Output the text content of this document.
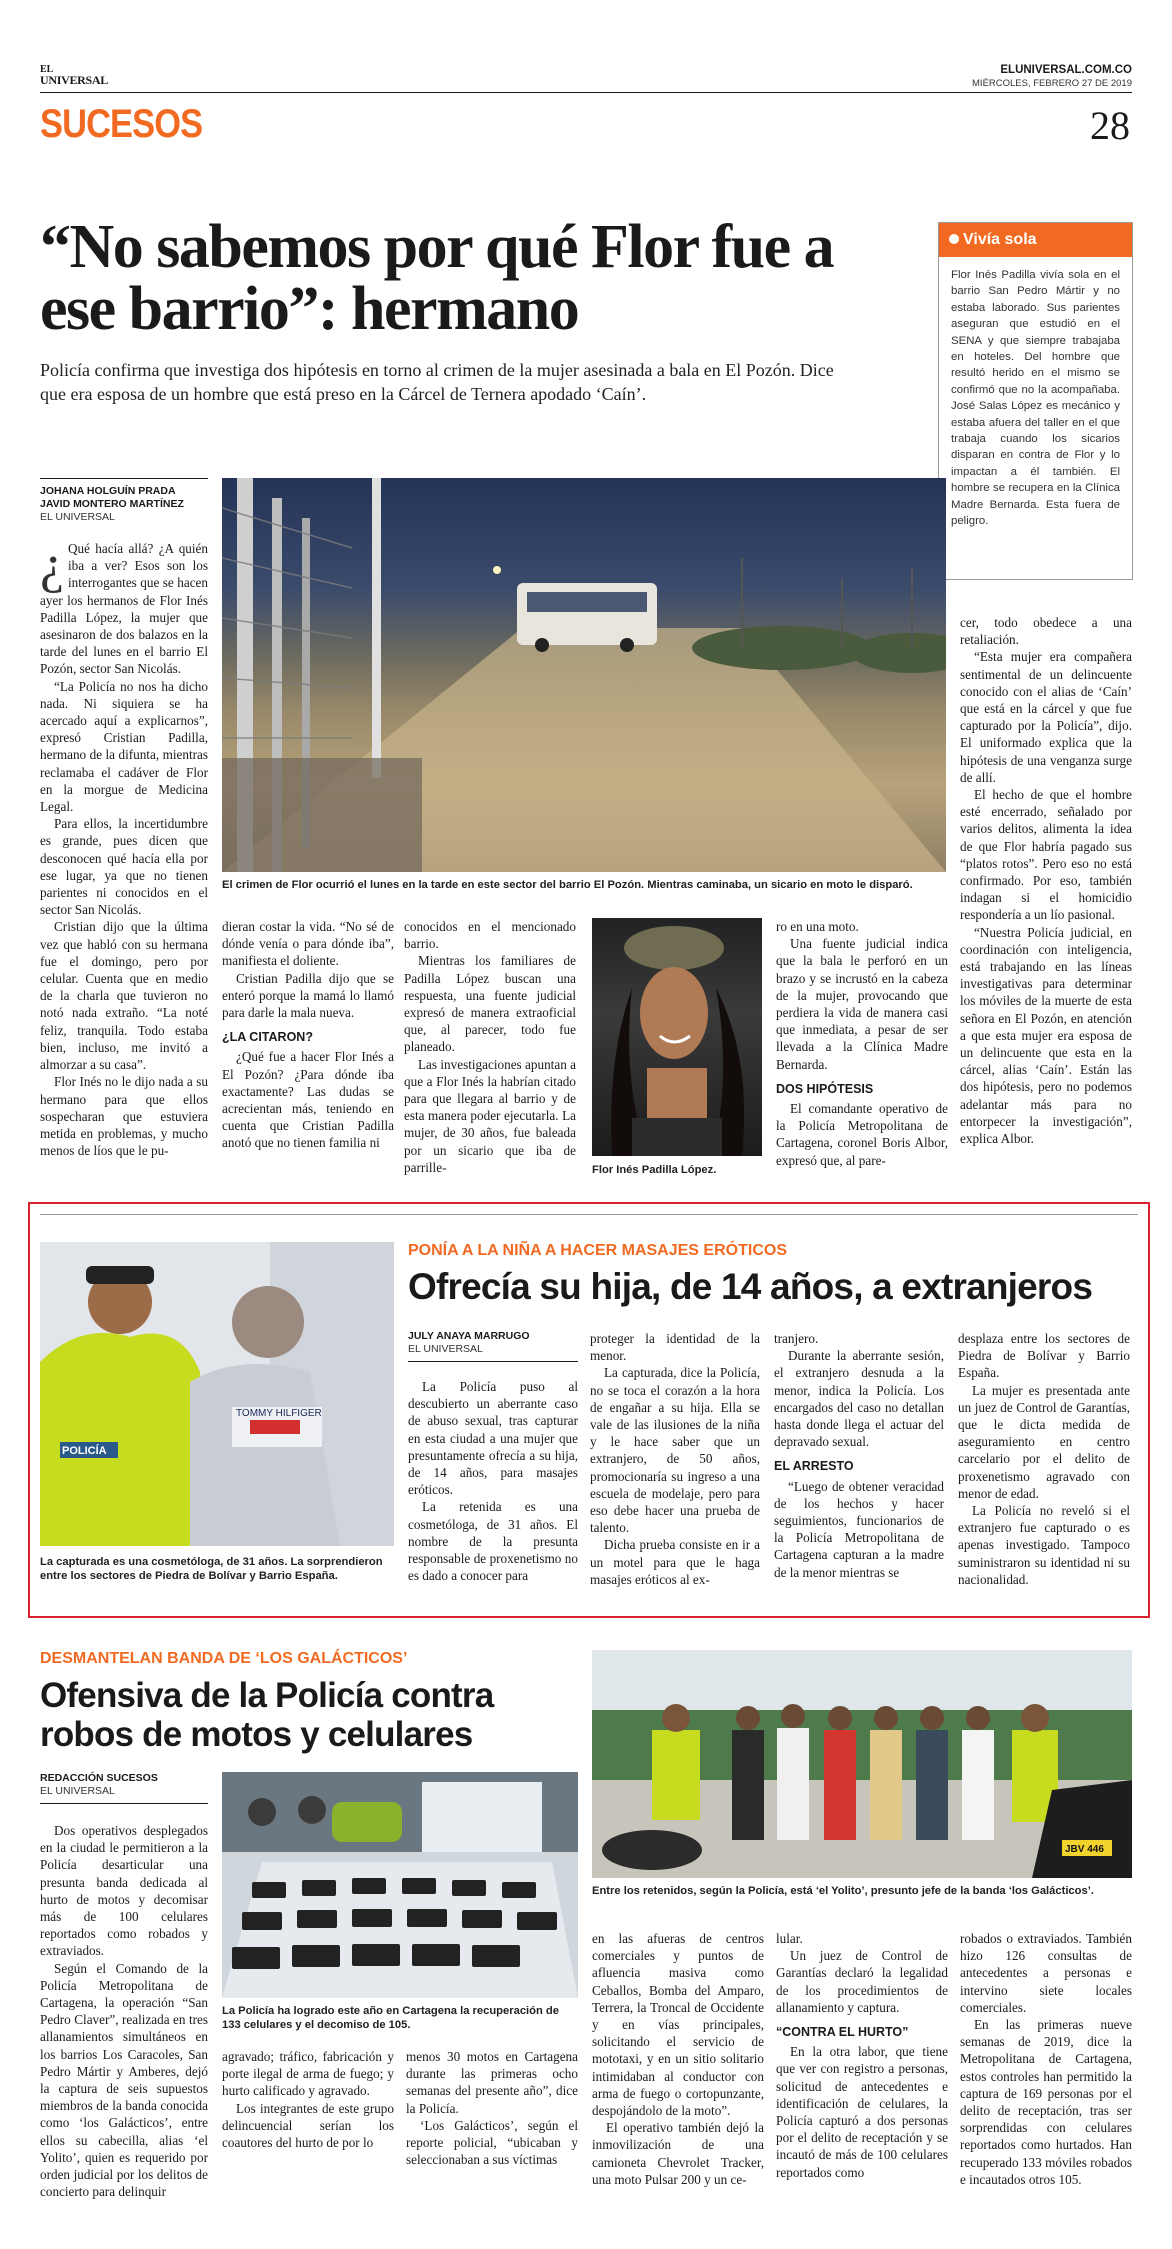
EL
UNIVERSAL
ELUNIVERSAL.COM.CO
MIÉRCOLES, FEBRERO 27 DE 2019
SUCESOS	28
“No sabemos por qué Flor fue a ese barrio”: hermano
Policía confirma que investiga dos hipótesis en torno al crimen de la mujer asesinada a bala en El Pozón. Dice que era esposa de un hombre que está preso en la Cárcel de Ternera apodado ‘Caín’.
Vivía sola
Flor Inés Padilla vivía sola en el barrio San Pedro Mártir y no estaba laborado. Sus parientes aseguran que estudió en el SENA y que siempre trabajaba en hoteles. Del hombre que resultó herido en el mismo se confirmó que no la acompañaba. José Salas López es mecánico y estaba afuera del taller en el que trabaja cuando los sicarios disparan en contra de Flor y lo impactan a él también. El hombre se recupera en la Clínica Madre Bernarda. Esta fuera de peligro.
JOHANA HOLGUÍN PRADA
JAVID MONTERO MARTÍNEZ
EL UNIVERSAL
¿ Qué hacía allá? ¿A quién iba a ver? Esos son los interrogantes que se hacen ayer los hermanos de Flor Inés Padilla López, la mujer que asesinaron de dos balazos en la tarde del lunes en el barrio El Pozón, sector San Nicolás.

“La Policía no nos ha dicho nada. Ni siquiera se ha acercado aquí a explicarnos”, expresó Cristian Padilla, hermano de la difunta, mientras reclamaba el cadáver de Flor en la morgue de Medicina Legal.

Para ellos, la incertidumbre es grande, pues dicen que desconocen qué hacía ella por ese lugar, ya que no tienen parientes ni conocidos en el sector San Nicolás.

Cristian dijo que la última vez que habló con su hermana fue el domingo, pero por celular. Cuenta que en medio de la charla que tuvieron no notó nada extraño. “La noté feliz, tranquila. Todo estaba bien, incluso, me invitó a almorzar a su casa”.

Flor Inés no le dijo nada a su hermano para que ellos sospecharan que estuviera metida en problemas, y mucho menos de líos que le pu-

El crimen de Flor ocurrió el lunes en la tarde en este sector del barrio El Pozón. Mientras caminaba, un sicario en moto le disparó.

dieran costar la vida. “No sé de dónde venía o para dónde iba”, manifiesta el doliente.

Cristian Padilla dijo que se enteró porque la mamá lo llamó para darle la mala nueva.

¿LA CITARON?

¿Qué fue a hacer Flor Inés a El Pozón? ¿Para dónde iba exactamente? Las dudas se acrecientan más, teniendo en cuenta que Cristian Padilla anotó que no tienen familia ni

conocidos en el mencionado barrio.

Mientras los familiares de Padilla López buscan una respuesta, una fuente judicial expresó de manera extraoficial que, al parecer, todo fue planeado.

Las investigaciones apuntan a que a Flor Inés la habrían citado para que llegara al barrio y de esta manera poder ejecutarla. La mujer, de 30 años, fue baleada por un sicario que iba de parrille-	Flor Inés Padilla López.

ro en una moto.

Una fuente judicial indica que la bala le perforó en un brazo y se incrustó en la cabeza de la mujer, provocando que perdiera la vida de manera casi que inmediata, a pesar de ser llevada a la Clínica Madre Bernarda.

DOS HIPÓTESIS

El comandante operativo de la Policía Metropolitana de Cartagena, coronel Boris Albor, expresó que, al pare-

cer, todo obedece a una retaliación.

“Esta mujer era compañera sentimental de un delincuente conocido con el alias de ‘Caín’ que está en la cárcel y que fue capturado por la Policía”, dijo. El uniformado explica que la hipótesis de una venganza surge de allí.

El hecho de que el hombre esté encerrado, señalado por varios delitos, alimenta la idea de que Flor habría pagado sus “platos rotos”. Pero eso no está confirmado. Por eso, también indagan si el homicidio respondería a un lío pasional.

“Nuestra Policía judicial, en coordinación con inteligencia, está trabajando en las líneas investigativas para determinar los móviles de la muerte de esta señora en El Pozón, en atención a que esta mujer era esposa de un delincuente que esta en la cárcel, alias ‘Caín’. Están las dos hipótesis, pero no podemos adelantar más para no entorpecer la investigación”, explica Albor.

POLICÍA
TOMMY HILFIGER
La capturada es una cosmetóloga, de 31 años. La sorprendieron entre los sectores de Piedra de Bolívar y Barrio España.
PONÍA A LA NIÑA A HACER MASAJES ERÓTICOS
Ofrecía su hija, de 14 años, a extranjeros
JULY ANAYA MARRUGO
EL UNIVERSAL

La Policía puso al descubierto un aberrante caso de abuso sexual, tras capturar en esta ciudad a una mujer que presuntamente ofrecía a su hija, de 14 años, para masajes eróticos.

La retenida es una cosmetóloga, de 31 años. El nombre de la presunta responsable de proxenetismo no es dado a conocer para

proteger la identidad de la menor.

La capturada, dice la Policía, no se toca el corazón a la hora de engañar a su hija. Ella se vale de las ilusiones de la niña y le hace saber que un extranjero, de 50 años, promocionaría su ingreso a una escuela de modelaje, pero para eso debe hacer una prueba de talento.

Dicha prueba consiste en ir a un motel para que le haga masajes eróticos al ex-

tranjero.

Durante la aberrante sesión, el extranjero desnuda a la menor, indica la Policía. Los encargados del caso no detallan hasta donde llega el actuar del depravado sexual.

EL ARRESTO

“Luego de obtener veracidad de los hechos y hacer seguimientos, funcionarios de la Policía Metropolitana de Cartagena capturan a la madre de la menor mientras se

desplaza entre los sectores de Piedra de Bolívar y Barrio España.

La mujer es presentada ante un juez de Control de Garantías, que le dicta medida de aseguramiento en centro carcelario por el delito de proxenetismo agravado con menor de edad.

La Policía no reveló si el extranjero fue capturado o es apenas investigado. Tampoco suministraron su identidad ni su nacionalidad.

DESMANTELAN BANDA DE ‘LOS GALÁCTICOS’
Ofensiva de la Policía contra robos de motos y celulares
REDACCIÓN SUCESOS
EL UNIVERSAL

Dos operativos desplegados en la ciudad le permitieron a la Policía desarticular una presunta banda dedicada al hurto de motos y decomisar más de 100 celulares reportados como robados y extraviados.

Según el Comando de la Policía Metropolitana de Cartagena, la operación “San Pedro Claver”, realizada en tres allanamientos simultáneos en los barrios Los Caracoles, San Pedro Mártir y Amberes, dejó la captura de seis supuestos miembros de la banda conocida como ‘los Galácticos’, entre ellos su cabecilla, alias ‘el Yolito’, quien es requerido por orden judicial por los delitos de concierto para delinquir

La Policía ha logrado este año en Cartagena la recuperación de 133 celulares y el decomiso de 105.

agravado; tráfico, fabricación y porte ilegal de arma de fuego; y hurto calificado y agravado.

Los integrantes de este grupo delincuencial serían los coautores del hurto de por lo

menos 30 motos en Cartagena durante las primeras ocho semanas del presente año”, dice la Policía.

‘Los Galácticos’, según el reporte policial, “ubicaban y seleccionaban a sus víctimas

JBV 446
Entre los retenidos, según la Policía, está ‘el Yolito’, presunto jefe de la banda ‘los Galácticos’.

en las afueras de centros comerciales y puntos de afluencia masiva como Ceballos, Bomba del Amparo, Terrera, la Troncal de Occidente y en vías principales, solicitando el servicio de mototaxi, y en un sitio solitario intimidaban al conductor con arma de fuego o cortopunzante, despojándolo de la moto”.

El operativo también dejó la inmovilización de una camioneta Chevrolet Tracker, una moto Pulsar 200 y un ce-

lular.

Un juez de Control de Garantías declaró la legalidad de los procedimientos de allanamiento y captura.

“CONTRA EL HURTO”

En la otra labor, que tiene que ver con registro a personas, solicitud de antecedentes e identificación de celulares, la Policía capturó a dos personas por el delito de receptación y se incautó de más de 100 celulares reportados como

robados o extraviados. También hizo 126 consultas de antecedentes a personas e intervino siete locales comerciales.

En las primeras nueve semanas de 2019, dice la Metropolitana de Cartagena, estos controles han permitido la captura de 169 personas por el delito de receptación, tras ser sorprendidas con celulares reportados como hurtados. Han recuperado 133 móviles robados e incautados otros 105.
